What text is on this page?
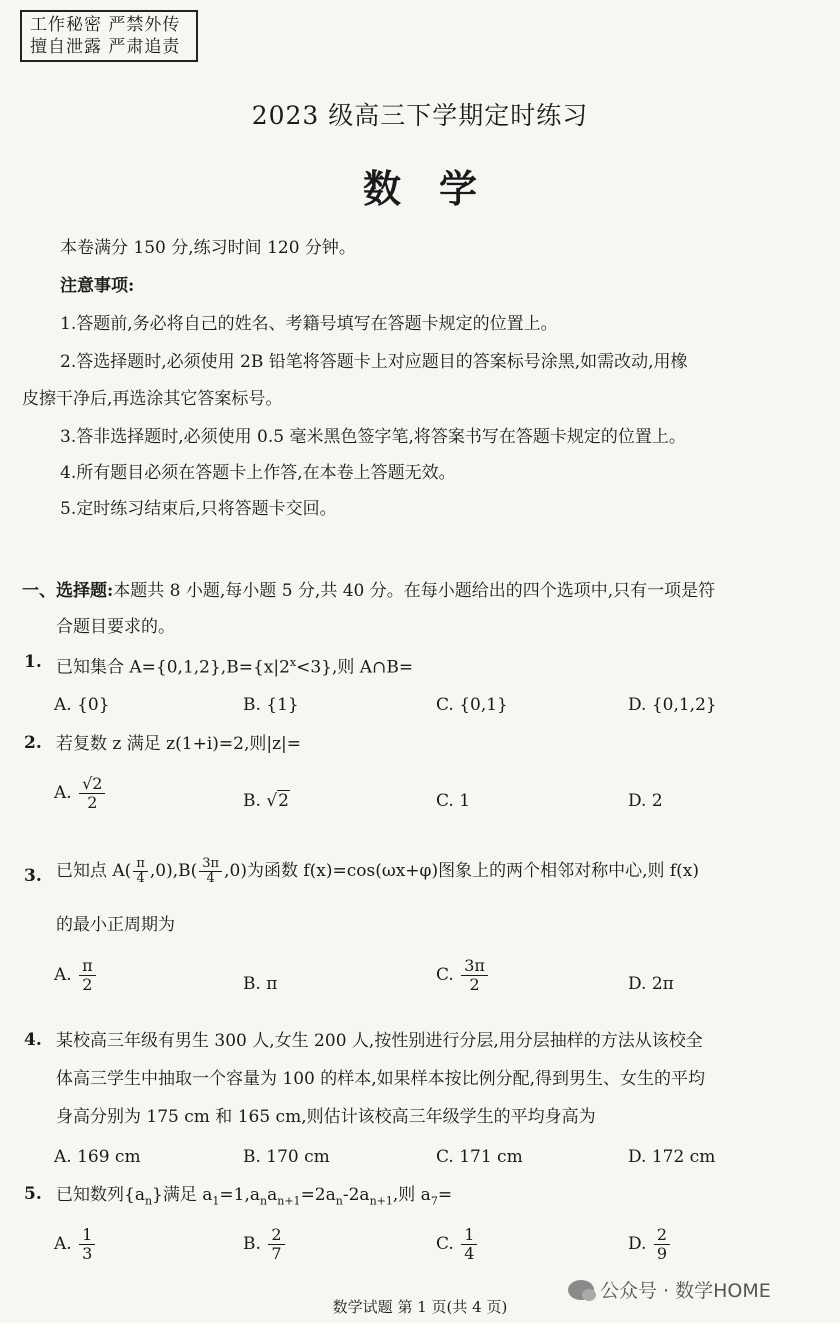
工作秘密 严禁外传
擅自泄露 严肃追责
2023 级高三下学期定时练习
数学
本卷满分 150 分,练习时间 120 分钟。
注意事项:
1.答题前,务必将自己的姓名、考籍号填写在答题卡规定的位置上。
2.答选择题时,必须使用 2B 铅笔将答题卡上对应题目的答案标号涂黑,如需改动,用橡
皮擦干净后,再选涂其它答案标号。
3.答非选择题时,必须使用 0.5 毫米黑色签字笔,将答案书写在答题卡规定的位置上。
4.所有题目必须在答题卡上作答,在本卷上答题无效。
5.定时练习结束后,只将答题卡交回。
一、选择题:本题共 8 小题,每小题 5 分,共 40 分。在每小题给出的四个选项中,只有一项是符
合题目要求的。
1. 已知集合 $A=\{0,1,2\},B=\{x|2^x<3\}$,则 A∩B=
A. {0}	B. {1}	C. {0,1}	D. {0,1,2}
2. 若复数 z 满足 z(1+i)=2,则|z|=
A. $\frac{√2}{2}$	B. √2	C. 1	D. 2
3. 已知点 $A( \frac{\pi}{4} ,0),B( \frac{3\pi}{4} ,0)$为函数 f(x)=cos(ωx+φ)图象上的两个相邻对称中心,则 f(x)
的最小正周期为
A. $\frac{\pi}{2}$	B. π	C. $\frac{3\pi}{2}$	D. 2π
4. 某校高三年级有男生 300 人,女生 200 人,按性别进行分层,用分层抽样的方法从该校全
体高三学生中抽取一个容量为 100 的样本,如果样本按比例分配,得到男生、女生的平均
身高分别为 175 cm 和 165 cm,则估计该校高三年级学生的平均身高为
A. 169 cm	B. 170 cm	C. 171 cm	D. 172 cm
5. 已知数列$\{a_n\}$满足 $a_1=1,a_na_{n+1}=2a_n-2a_{n+1}$,则 $a_7=$
A. $\frac{1}{3}$	B. $\frac{2}{7}$	C. $\frac{1}{4}$	D. $\frac{2}{9}$
公众号 · 数学HOME
数学试题 第 1 页(共 4 页)
